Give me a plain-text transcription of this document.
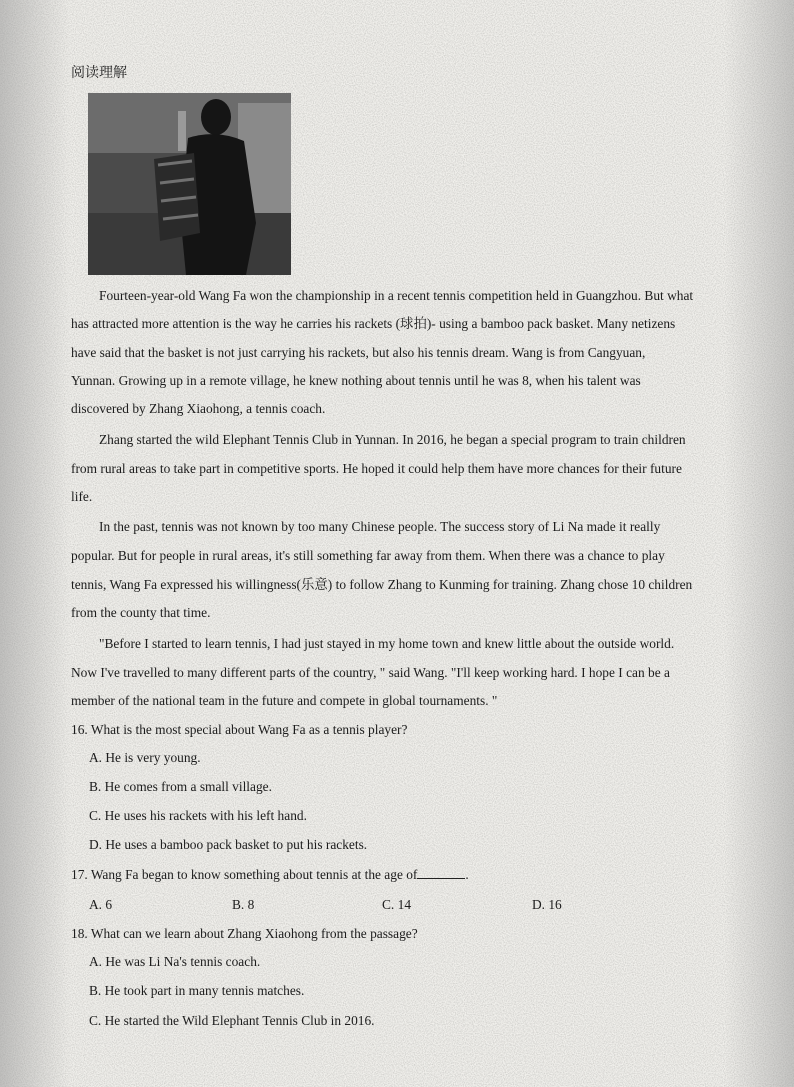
阅读理解

Fourteen-year-old Wang Fa won the championship in a recent tennis competition held in Guangzhou. But what

has attracted more attention is the way he carries his rackets (球拍)- using a bamboo pack basket. Many netizens

have said that the basket is not just carrying his rackets, but also his tennis dream. Wang is from Cangyuan,

Yunnan. Growing up in a remote village, he knew nothing about tennis until he was 8, when his talent was

discovered by Zhang Xiaohong, a tennis coach.

Zhang started the wild Elephant Tennis Club in Yunnan. In 2016, he began a special program to train children

from rural areas to take part in competitive sports. He hoped it could help them have more chances for their future

life.

In the past, tennis was not known by too many Chinese people. The success story of Li Na made it really

popular. But for people in rural areas, it's still something far away from them. When there was a chance to play

tennis, Wang Fa expressed his willingness(乐意) to follow Zhang to Kunming for training. Zhang chose 10 children

from the county that time.

"Before I started to learn tennis, I had just stayed in my home town and knew little about the outside world.

Now I've travelled to many different parts of the country, " said Wang. "I'll keep working hard. I hope I can be a

member of the national team in the future and compete in global tournaments. "

16. What is the most special about Wang Fa as a tennis player?

A. He is very young.

B. He comes from a small village.

C. He uses his rackets with his left hand.

D. He uses a bamboo pack basket to put his rackets.

17. Wang Fa began to know something about tennis at the age of	.

A. 6	B. 8	C. 14	D. 16

18. What can we learn about Zhang Xiaohong from the passage?

A. He was Li Na's tennis coach.

B. He took part in many tennis matches.

C. He started the Wild Elephant Tennis Club in 2016.
